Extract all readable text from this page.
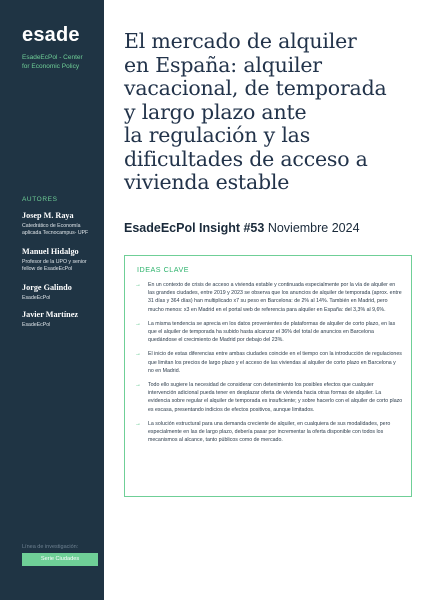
esade
EsadeEcPol - Center
for Economic Policy
AUTORES
Josep M. Raya
Catedrático de Economía
aplicada Tecnocampus- UPF
Manuel Hidalgo
Profesor de la UPO y senior
fellow de EsadeEcPol
Jorge Galindo
EsadeEcPol
Javier Martínez
EsadeEcPol
Línea de investigación:
Serie Ciudades
El mercado de alquiler
en España: alquiler
vacacional, de temporada
y largo plazo ante
la regulación y las
dificultades de acceso a
vivienda estable
EsadeEcPol Insight #53 Noviembre 2024
IDEAS CLAVE
→ En un contexto de crisis de acceso a vivienda estable y continuada especialmente por la vía de alquiler en las grandes ciudades, entre 2019 y 2023 se observa que los anuncios de alquiler de temporada (aprox. entre 31 días y 364 días) han multiplicado x7 su peso en Barcelona: de 2% al 14%. También en Madrid, pero mucho menos: x3 en Madrid en el portal web de referencia para alquiler en España: del 3,3% al 9,6%.
→ La misma tendencia se aprecia en los datos provenientes de plataformas de alquiler de corto plazo, en las que el alquiler de temporada ha subido hasta alcanzar el 36% del total de anuncios en Barcelona quedándose el crecimiento de Madrid por debajo del 23%.
→ El inicio de estas diferencias entre ambas ciudades coincide en el tiempo con la introducción de regulaciones que limitan los precios de largo plazo y el acceso de las viviendas al alquiler de corto plazo en Barcelona y no en Madrid.
→ Todo ello sugiere la necesidad de considerar con detenimiento los posibles efectos que cualquier intervención adicional pueda tener en desplazar oferta de vivienda hacia otras formas de alquiler. La evidencia sobre regular el alquiler de temporada es insuficiente; y sobre hacerlo con el alquiler de corto plazo es escasa, presentando indicios de efectos positivos, aunque limitados.
→ La solución estructural para una demanda creciente de alquiler, en cualquiera de sus modalidades, pero especialmente en las de largo plazo, debería pasar por incrementar la oferta disponible con todos los mecanismos al alcance, tanto públicos como de mercado.
